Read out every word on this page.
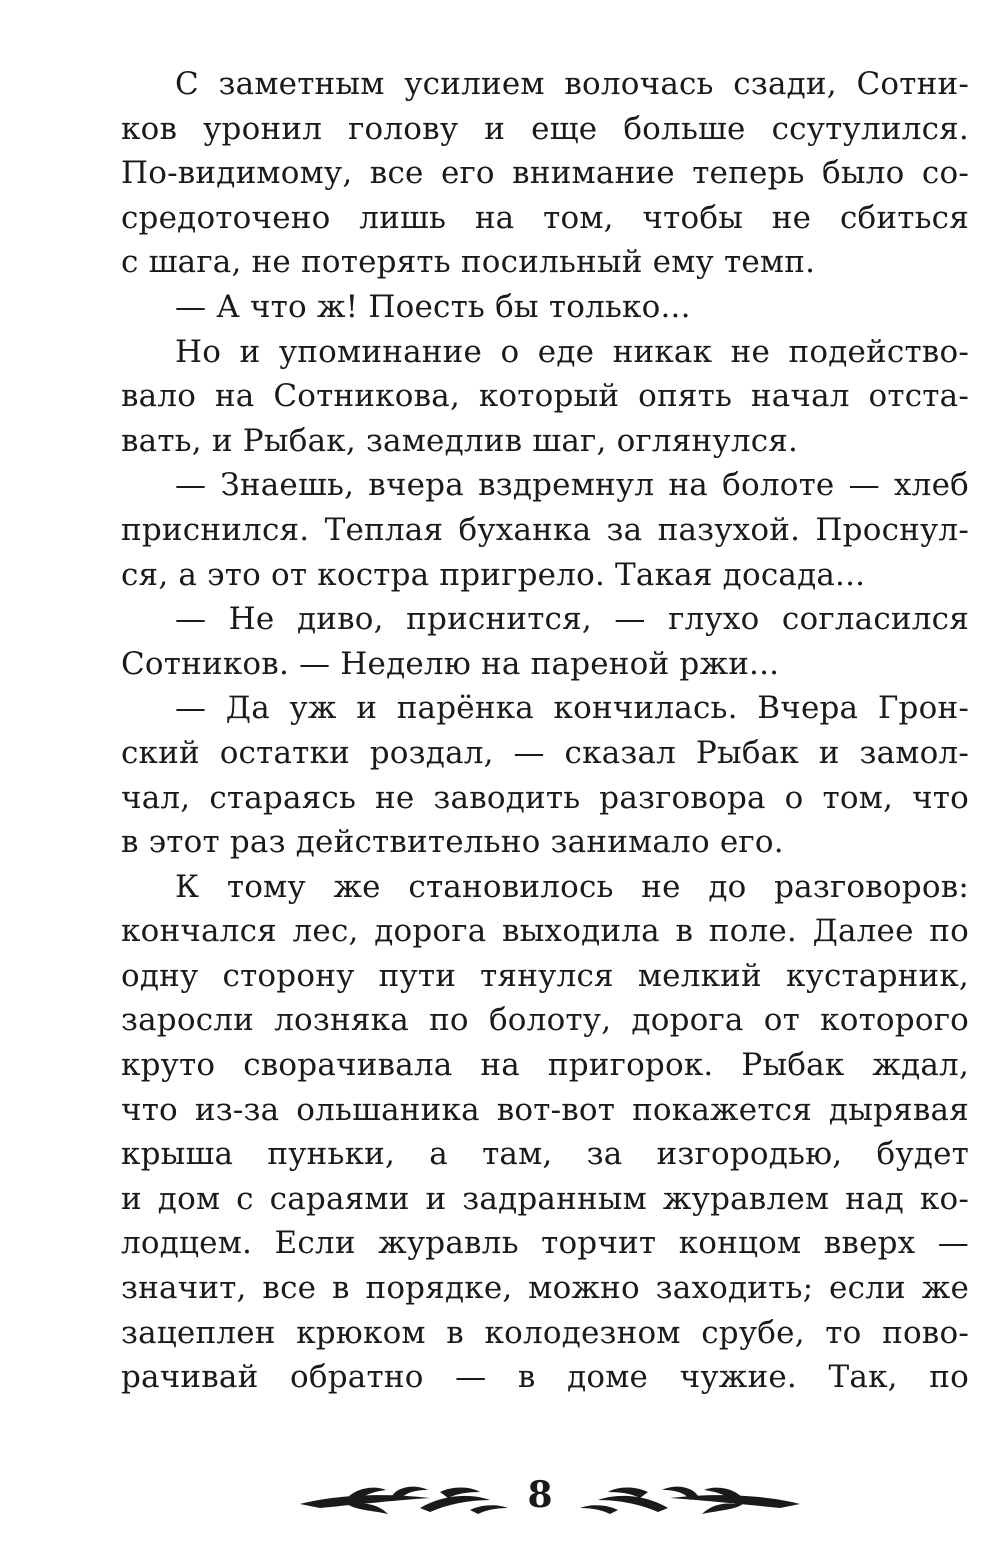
С заметным усилием волочась сзади, Сотни-
ков уронил голову и еще больше ссутулился.
По-видимому, все его внимание теперь было со-
средоточено лишь на том, чтобы не сбиться
с шага, не потерять посильный ему темп.
— А что ж! Поесть бы только...
Но и упоминание о еде никак не подейство-
вало на Сотникова, который опять начал отста-
вать, и Рыбак, замедлив шаг, оглянулся.
— Знаешь, вчера вздремнул на болоте — хлеб
приснился. Теплая буханка за пазухой. Проснул-
ся, а это от костра пригрело. Такая досада...
— Не диво, приснится, — глухо согласился
Сотников. — Неделю на пареной ржи...
— Да уж и парёнка кончилась. Вчера Грон-
ский остатки роздал, — сказал Рыбак и замол-
чал, стараясь не заводить разговора о том, что
в этот раз действительно занимало его.
К тому же становилось не до разговоров:
кончался лес, дорога выходила в поле. Далее по
одну сторону пути тянулся мелкий кустарник,
заросли лозняка по болоту, дорога от которого
круто сворачивала на пригорок. Рыбак ждал,
что из-за ольшаника вот-вот покажется дырявая
крыша пуньки, а там, за изгородью, будет
и дом с сараями и задранным журавлем над ко-
лодцем. Если журавль торчит концом вверх —
значит, все в порядке, можно заходить; если же
зацеплен крюком в колодезном срубе, то пово-
рачивай обратно — в доме чужие. Так, по
8
